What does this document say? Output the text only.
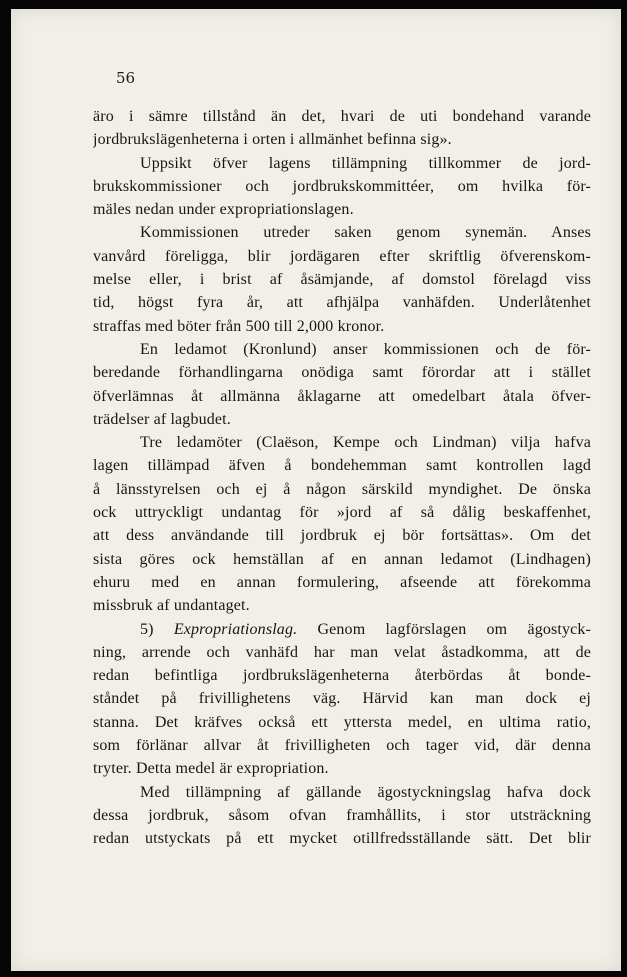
56
äro i sämre tillstånd än det, hvari de uti bondehand varande
jordbrukslägenheterna i orten i allmänhet befinna sig».
Uppsikt öfver lagens tillämpning tillkommer de jord-
brukskommissioner och jordbrukskommittéer, om hvilka för-
mäles nedan under expropriationslagen.
Kommissionen utreder saken genom synemän. Anses
vanvård föreligga, blir jordägaren efter skriftlig öfverenskom-
melse eller, i brist af åsämjande, af domstol förelagd viss
tid, högst fyra år, att afhjälpa vanhäfden. Underlåtenhet
straffas med böter från 500 till 2,000 kronor.
En ledamot (Kronlund) anser kommissionen och de för-
beredande förhandlingarna onödiga samt förordar att i stället
öfverlämnas åt allmänna åklagarne att omedelbart åtala öfver-
trädelser af lagbudet.
Tre ledamöter (Claëson, Kempe och Lindman) vilja hafva
lagen tillämpad äfven å bondehemman samt kontrollen lagd
å länsstyrelsen och ej å någon särskild myndighet. De önska
ock uttryckligt undantag för »jord af så dålig beskaffenhet,
att dess användande till jordbruk ej bör fortsättas». Om det
sista göres ock hemställan af en annan ledamot (Lindhagen)
ehuru med en annan formulering, afseende att förekomma
missbruk af undantaget.
5) Expropriationslag. Genom lagförslagen om ägostyck-
ning, arrende och vanhäfd har man velat åstadkomma, att de
redan befintliga jordbrukslägenheterna återbördas åt bonde-
ståndet på frivillighetens väg. Härvid kan man dock ej
stanna. Det kräfves också ett yttersta medel, en ultima ratio,
som förlänar allvar åt frivilligheten och tager vid, där denna
tryter. Detta medel är expropriation.
Med tillämpning af gällande ägostyckningslag hafva dock
dessa jordbruk, såsom ofvan framhållits, i stor utsträckning
redan utstyckats på ett mycket otillfredsställande sätt. Det blir
